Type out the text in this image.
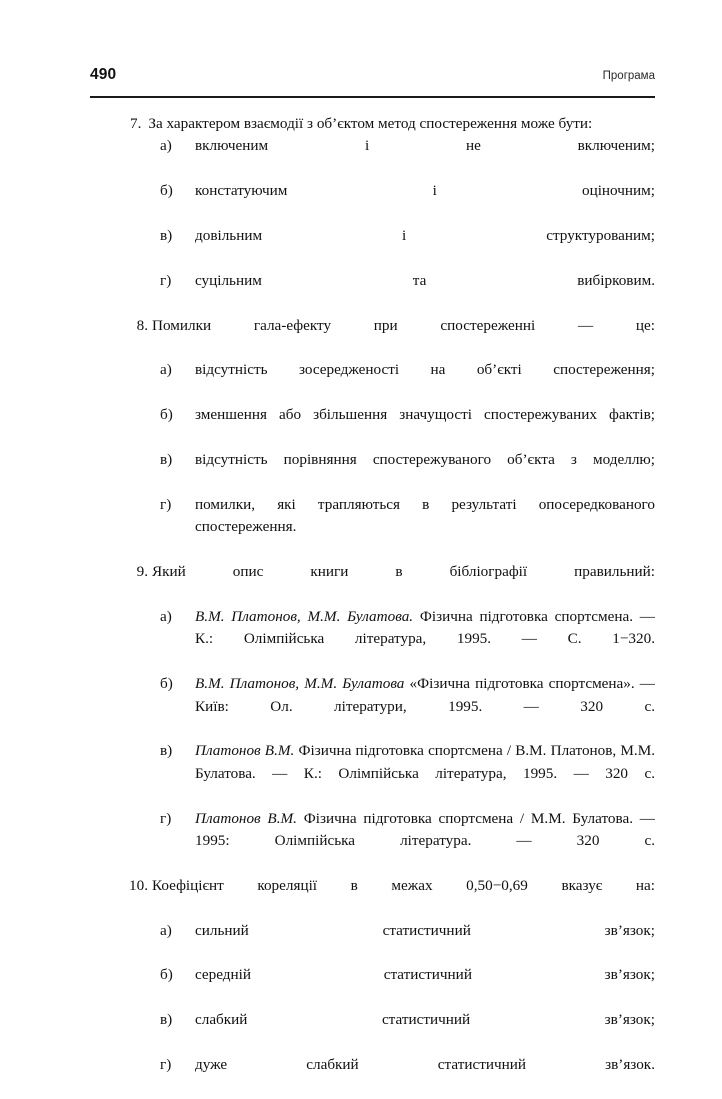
490	Програма

7. За характером взаємодії з об’єктом метод спостереження може бути:

а) включеним і не включеним;
б) констатуючим і оціночним;
в) довільним і структурованим;
г) суцільним та вибірковим.

8. Помилки гала-ефекту при спостереженні — це:

а) відсутність зосередженості на об’єкті спостереження;
б) зменшення або збільшення значущості спостережуваних фактів;
в) відсутність порівняння спостережуваного об’єкта з моделлю;
г) помилки, які трапляються в результаті опосередкованого спостереження.

9. Який опис книги в бібліографії правильний:

а) В.М. Платонов, М.М. Булатова. Фізична підготовка спортсмена. — К.: Олімпійська література, 1995. — С. 1−320.
б) В.М. Платонов, М.М. Булатова «Фізична підготовка спортсмена». — Київ: Ол. літератури, 1995. — 320 с.
в) Платонов В.М. Фізична підготовка спортсмена / В.М. Платонов, М.М. Булатова. — К.: Олімпійська література, 1995. — 320 с.
г) Платонов В.М. Фізична підготовка спортсмена / М.М. Булатова. — 1995: Олімпійська література. — 320 с.

10. Коефіцієнт кореляції в межах 0,50−0,69 вказує на:

а) сильний статистичний зв’язок;
б) середній статистичний зв’язок;
в) слабкий статистичний зв’язок;
г) дуже слабкий статистичний зв’язок.
